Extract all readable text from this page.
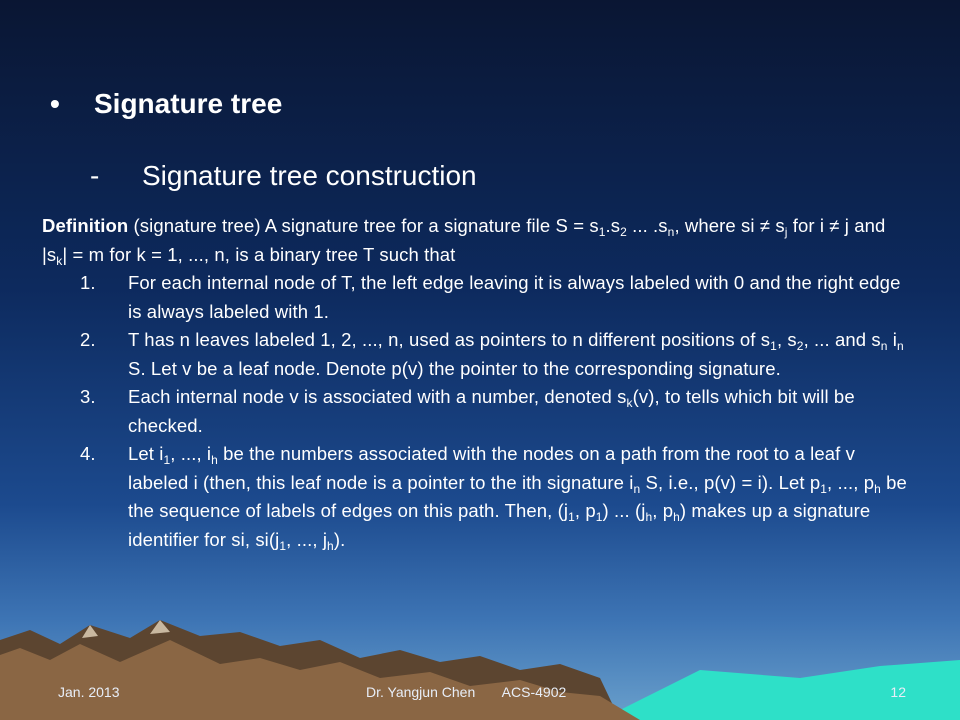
•	Signature tree
-	Signature tree construction

Definition (signature tree) A signature tree for a signature file $S = s_1.s_2$ ... $.s_n$, where si ≠ $s_j$ for i ≠ j and $|s_k| = m$ for k = 1, ..., n, is a binary tree T such that

1. For each internal node of T, the left edge leaving it is always labeled with 0 and the right edge is always labeled with 1.
2. T has n leaves labeled 1, 2, ..., n, used as pointers to n different positions of $s_1$, $s_2$, ... and $s_n$ $i_n$ S. Let v be a leaf node. Denote p(v) the pointer to the corresponding signature.
3. Each internal node v is associated with a number, denoted $s_k(v)$, to tells which bit will be checked.
4. Let $i_1$, ..., $i_h$ be the numbers associated with the nodes on a path from the root to a leaf v labeled i (then, this leaf node is a pointer to the ith signature $i_n$ S, i.e., p(v) = i). Let $p_1$, ..., $p_h$ be the sequence of labels of edges on this path. Then, ($j_1$, $p_1$) ... ($j_h$, $p_h$) makes up a signature identifier for si, $si(j_1$, ..., $j_h$).
Jan. 2013	Dr. Yangjun Chen       ACS-4902	12
